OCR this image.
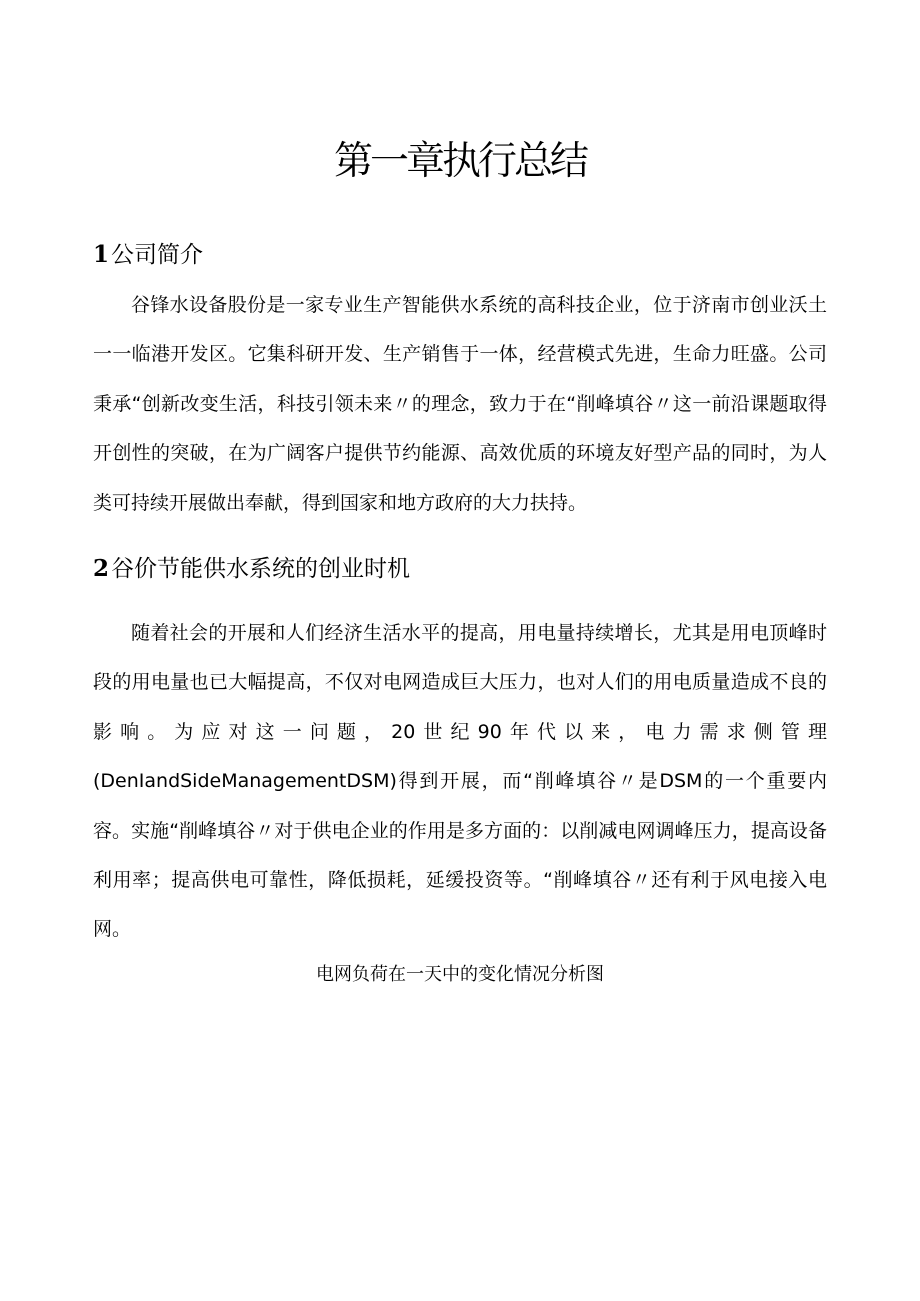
第一章执行总结
1公司简介

谷锋水设备股份是一家专业生产智能供水系统的高科技企业，位于济南市创业沃土一一临港开发区。它集科研开发、生产销售于一体，经营模式先进，生命力旺盛。公司秉承“创新改变生活，科技引领未来〃的理念，致力于在“削峰填谷〃这一前沿课题取得开创性的突破，在为广阔客户提供节约能源、高效优质的环境友好型产品的同时，为人类可持续开展做出奉献，得到国家和地方政府的大力扶持。

2谷价节能供水系统的创业时机

随着社会的开展和人们经济生活水平的提高，用电量持续增长，尤其是用电顶峰时段的用电量也已大幅提高，不仅对电网造成巨大压力，也对人们的用电质量造成不良的影响。为应对这一问题，20世纪90年代以来，电力需求侧管理(DenIandSideManagementDSM)得到开展，而“削峰填谷〃是DSM的一个重要内容。实施“削峰填谷〃对于供电企业的作用是多方面的：以削减电网调峰压力，提高设备利用率；提高供电可靠性，降低损耗，延缓投资等。“削峰填谷〃还有利于风电接入电网。

电网负荷在一天中的变化情况分析图
